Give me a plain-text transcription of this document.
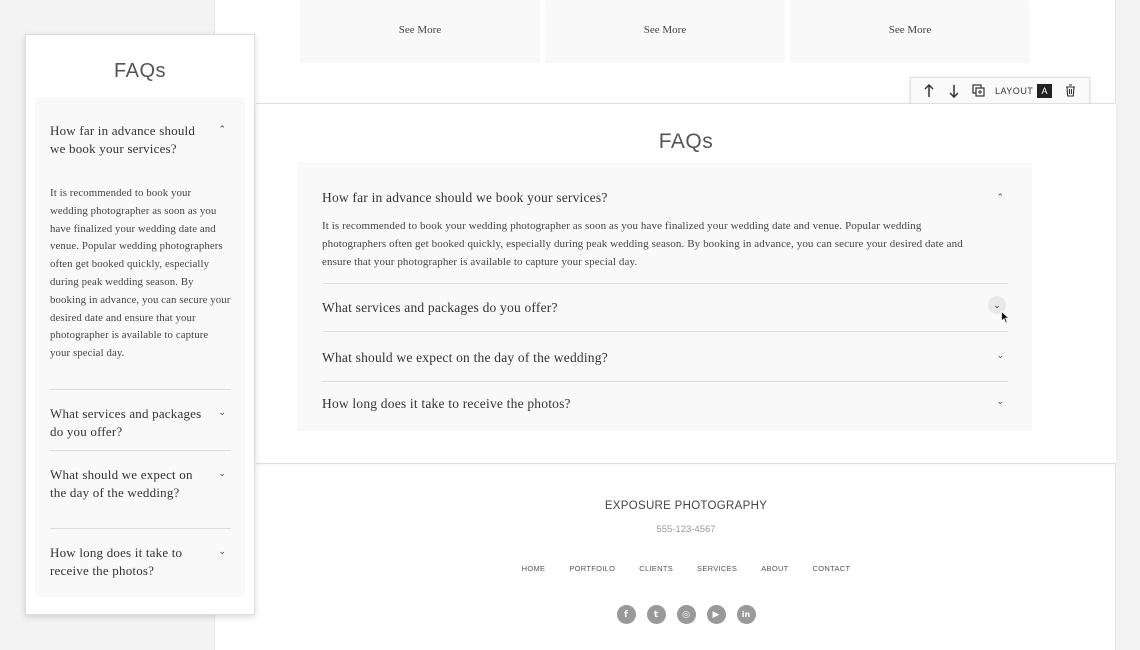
See More	See More	See More
LAYOUT A
FAQs
How far in advance should we book your services?	⌃
It is recommended to book your wedding photographer as soon as you have finalized your wedding date and venue. Popular wedding photographers often get booked quickly, especially during peak wedding season. By booking in advance, you can secure your desired date and ensure that your photographer is available to capture your special day.
What services and packages do you offer?	⌄
What should we expect on the day of the wedding?	⌄
How long does it take to receive the photos?	⌄
EXPOSURE PHOTOGRAPHY
555-123-4567
HOME	PORTFOILO	CLIENTS	SERVICES	ABOUT	CONTACT
f	t	◎	▶	in
FAQs
How far in advance should we book your services?
⌃
It is recommended to book your wedding photographer as soon as you have finalized your wedding date and venue. Popular wedding photographers often get booked quickly, especially during peak wedding season. By booking in advance, you can secure your desired date and ensure that your photographer is available to capture your special day.
What services and packages do you offer?
⌄
What should we expect on the day of the wedding?
⌄
How long does it take to receive the photos?
⌄
